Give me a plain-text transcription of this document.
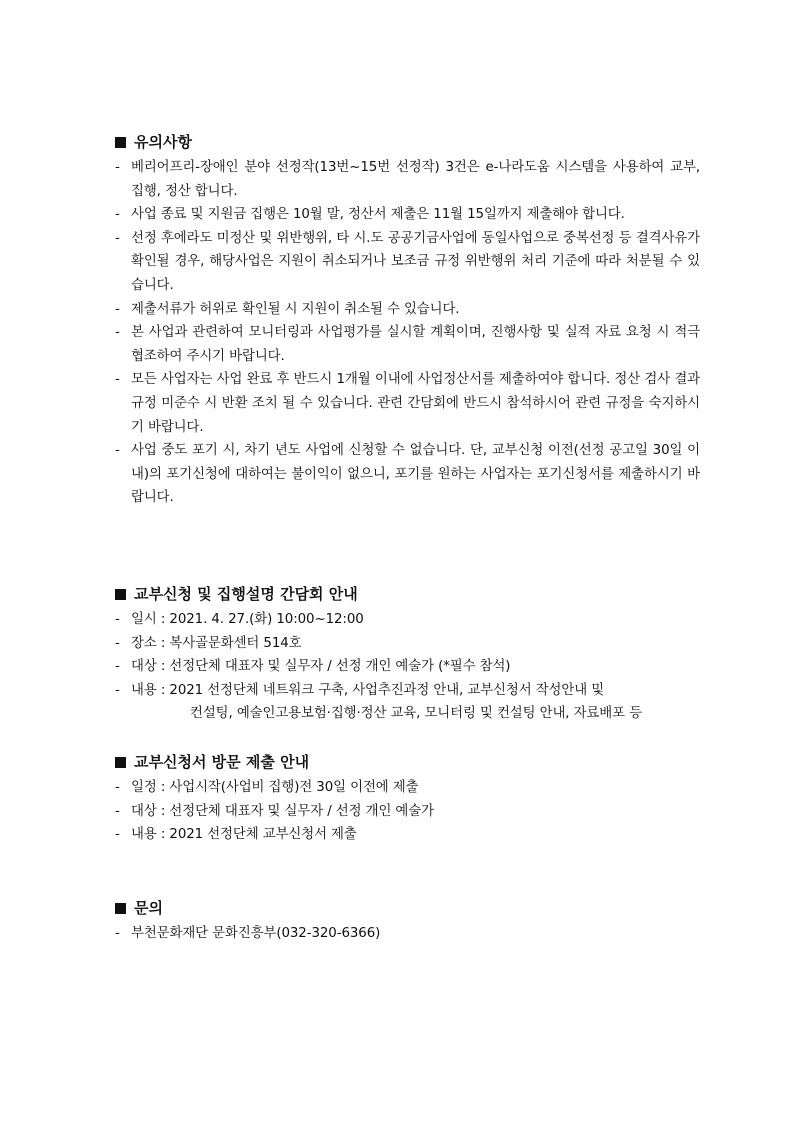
유의사항
- 베리어프리-장애인 분야 선정작(13번~15번 선정작) 3건은 e-나라도움 시스템을 사용하여 교부, 집행, 정산 합니다.
- 사업 종료 및 지원금 집행은 10월 말, 정산서 제출은 11월 15일까지 제출해야 합니다.
- 선정 후에라도 미정산 및 위반행위, 타 시.도 공공기금사업에 동일사업으로 중복선정 등 결격사유가 확인될 경우, 해당사업은 지원이 취소되거나 보조금 규정 위반행위 처리 기준에 따라 처분될 수 있습니다.
- 제출서류가 허위로 확인될 시 지원이 취소될 수 있습니다.
- 본 사업과 관련하여 모니터링과 사업평가를 실시할 계획이며, 진행사항 및 실적 자료 요청 시 적극 협조하여 주시기 바랍니다.
- 모든 사업자는 사업 완료 후 반드시 1개월 이내에 사업정산서를 제출하여야 합니다. 정산 검사 결과 규정 미준수 시 반환 조치 될 수 있습니다. 관련 간담회에 반드시 참석하시어 관련 규정을 숙지하시기 바랍니다.
- 사업 중도 포기 시, 차기 년도 사업에 신청할 수 없습니다. 단, 교부신청 이전(선정 공고일 30일 이내)의 포기신청에 대하여는 불이익이 없으니, 포기를 원하는 사업자는 포기신청서를 제출하시기 바랍니다.
교부신청 및 집행설명 간담회 안내
- 일시 : 2021. 4. 27.(화) 10:00~12:00
- 장소 : 복사골문화센터 514호
- 대상 : 선정단체 대표자 및 실무자 / 선정 개인 예술가 (*필수 참석)
- 내용 : 2021 선정단체 네트워크 구축, 사업추진과정 안내, 교부신청서 작성안내 및
컨설팅, 예술인고용보험·집행·정산 교육, 모니터링 및 컨설팅 안내, 자료배포 등
교부신청서 방문 제출 안내
- 일정 : 사업시작(사업비 집행)전 30일 이전에 제출
- 대상 : 선정단체 대표자 및 실무자 / 선정 개인 예술가
- 내용 : 2021 선정단체 교부신청서 제출
문의
- 부천문화재단 문화진흥부(032-320-6366)
